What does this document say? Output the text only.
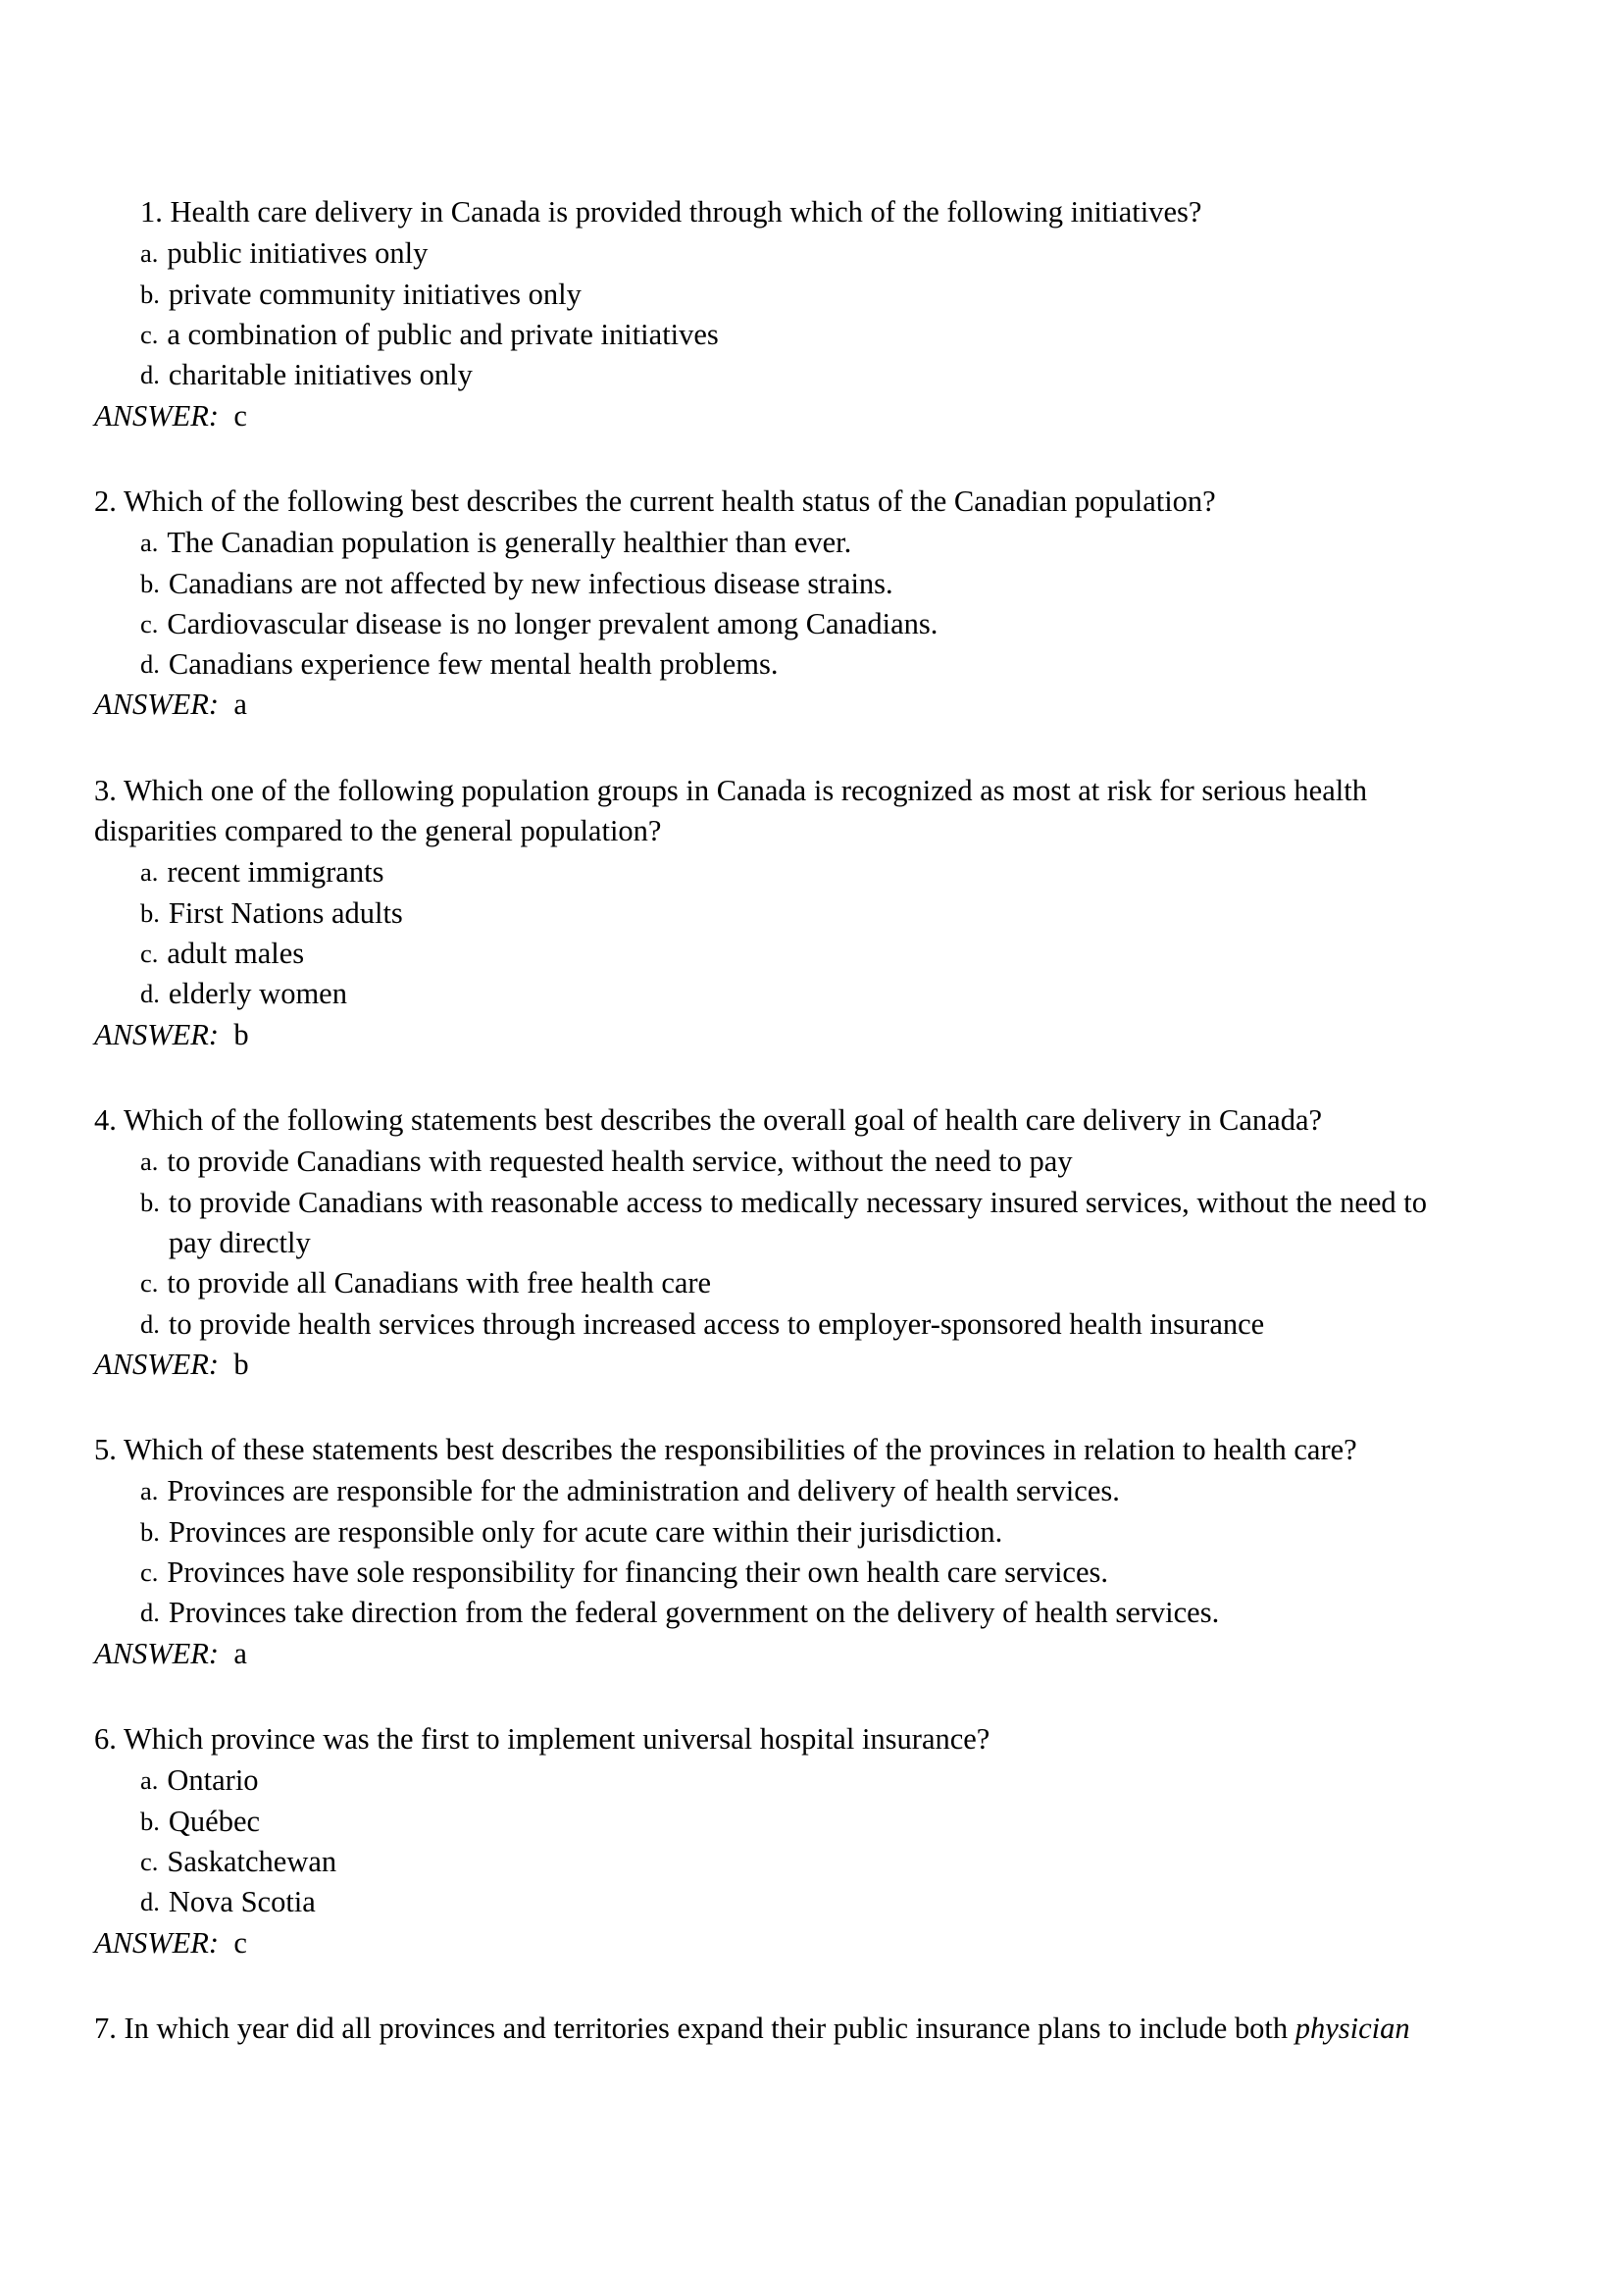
1. Health care delivery in Canada is provided through which of the following initiatives?

a. public initiatives only
b. private community initiatives only
c. a combination of public and private initiatives
d. charitable initiatives only

ANSWER: c

2. Which of the following best describes the current health status of the Canadian population?

a. The Canadian population is generally healthier than ever.
b. Canadians are not affected by new infectious disease strains.
c. Cardiovascular disease is no longer prevalent among Canadians.
d. Canadians experience few mental health problems.

ANSWER: a

3. Which one of the following population groups in Canada is recognized as most at risk for serious health disparities compared to the general population?

a. recent immigrants
b. First Nations adults
c. adult males
d. elderly women

ANSWER: b

4. Which of the following statements best describes the overall goal of health care delivery in Canada?

a. to provide Canadians with requested health service, without the need to pay
b. to provide Canadians with reasonable access to medically necessary insured services, without the need to pay directly
c. to provide all Canadians with free health care
d. to provide health services through increased access to employer-sponsored health insurance

ANSWER: b

5. Which of these statements best describes the responsibilities of the provinces in relation to health care?

a. Provinces are responsible for the administration and delivery of health services.
b. Provinces are responsible only for acute care within their jurisdiction.
c. Provinces have sole responsibility for financing their own health care services.
d. Provinces take direction from the federal government on the delivery of health services.

ANSWER: a

6. Which province was the first to implement universal hospital insurance?

a. Ontario
b. Québec
c. Saskatchewan
d. Nova Scotia

ANSWER: c

7. In which year did all provinces and territories expand their public insurance plans to include both physician
